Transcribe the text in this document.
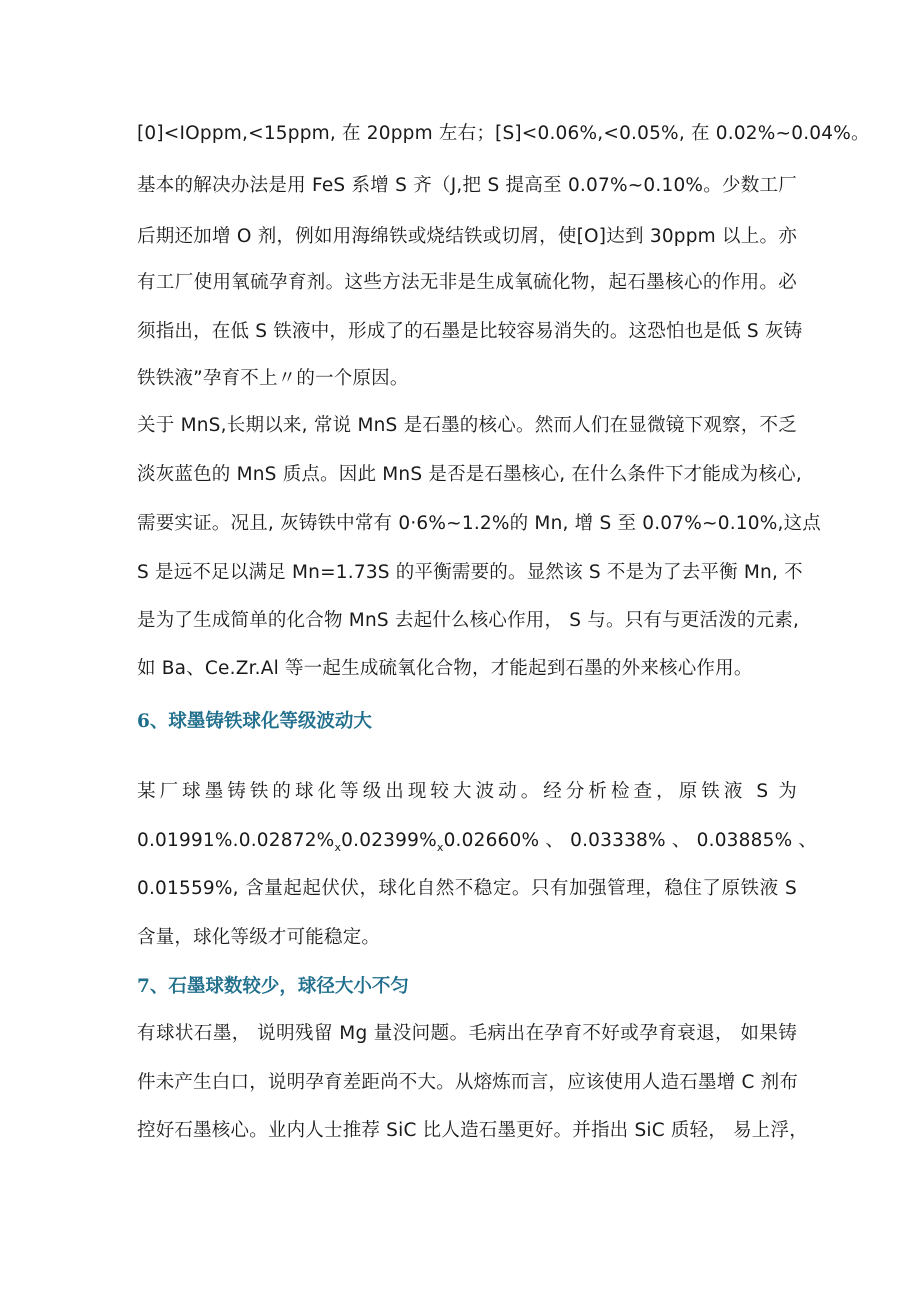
[0]<IOppm,<15ppm, 在 20ppm 左右；[S]<0.06%,<0.05%, 在 0.02%~0.04%。
基本的解决办法是用 FeS 系增 S 齐（J,把 S 提高至 0.07%~0.10%。少数工厂
后期还加增 O 剂，例如用海绵铁或烧结铁或切屑，使[O]达到 30ppm 以上。亦
有工厂使用氧硫孕育剂。这些方法无非是生成氧硫化物，起石墨核心的作用。必
须指出，在低 S 铁液中，形成了的石墨是比较容易消失的。这恐怕也是低 S 灰铸
铁铁液”孕育不上〃的一个原因。
关于 MnS,长期以来, 常说 MnS 是石墨的核心。然而人们在显微镜下观察，不乏
淡灰蓝色的 MnS 质点。因此 MnS 是否是石墨核心, 在什么条件下才能成为核心,
需要实证。况且, 灰铸铁中常有 0·6%~1.2%的 Mn, 增 S 至 0.07%~0.10%,这点
S 是远不足以满足 Mn=1.73S 的平衡需要的。显然该 S 不是为了去平衡 Mn, 不
是为了生成简单的化合物 MnS 去起什么核心作用， S 与。只有与更活泼的元素,
如 Ba、Ce.Zr.Al 等一起生成硫氧化合物，才能起到石墨的外来核心作用。
6、球墨铸铁球化等级波动大
某厂球墨铸铁的球化等级出现较大波动。经分析检查，原铁液 S 为
$0.01991\%.0.02872\%_x0.02399\%_x0.02660\%$ 、 0.03338% 、 0.03885% 、
0.01559%, 含量起起伏伏，球化自然不稳定。只有加强管理，稳住了原铁液 S
含量，球化等级才可能稳定。
7、石墨球数较少，球径大小不匀
有球状石墨， 说明残留 Mg 量没问题。毛病出在孕育不好或孕育衰退， 如果铸
件未产生白口，说明孕育差距尚不大。从熔炼而言，应该使用人造石墨增 C 剂布
控好石墨核心。业内人士推荐 SiC 比人造石墨更好。并指出 SiC 质轻， 易上浮，
